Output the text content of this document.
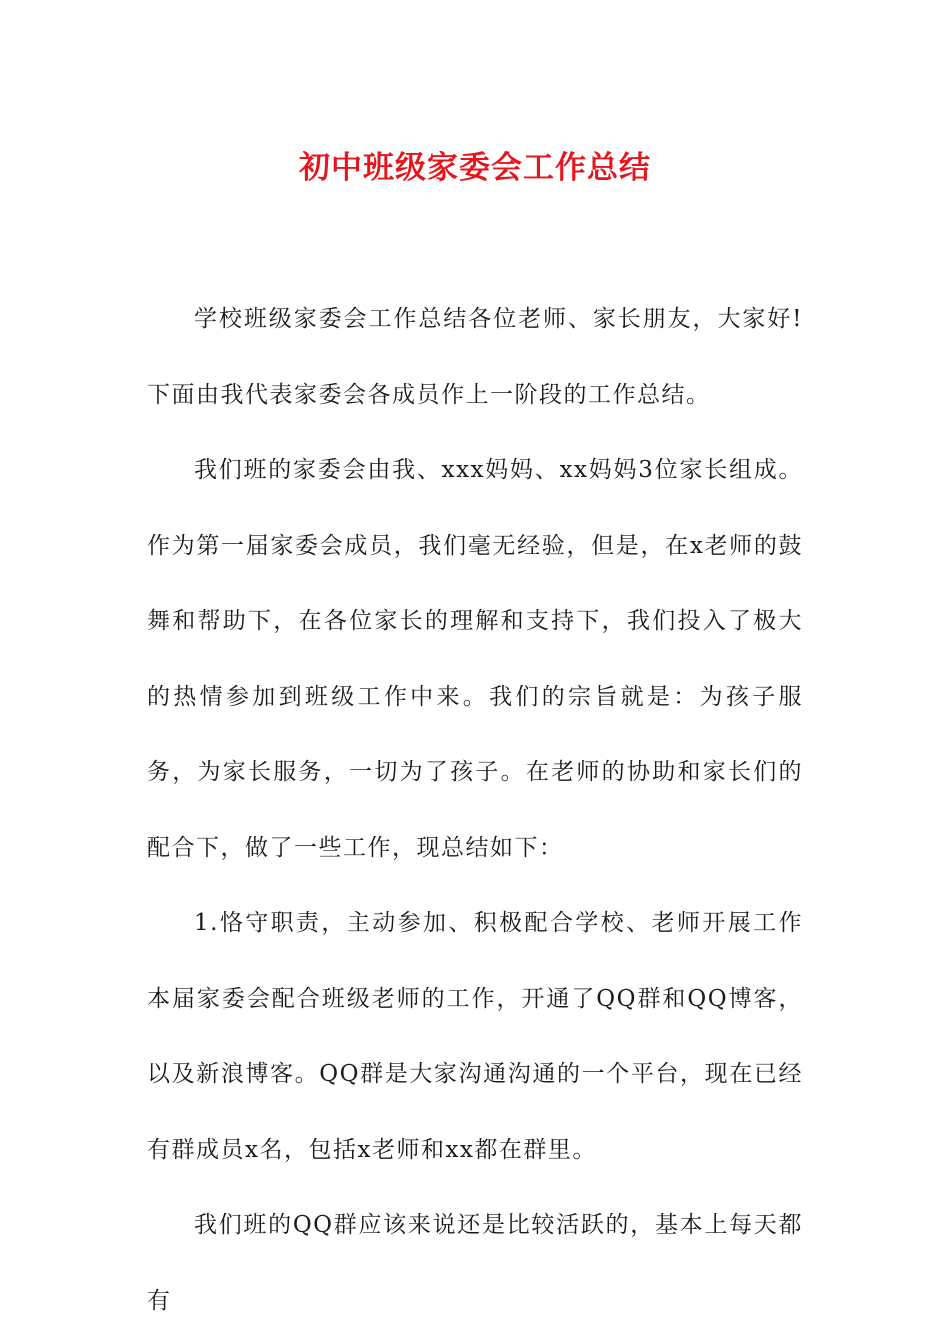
初中班级家委会工作总结

学校班级家委会工作总结各位老师、家长朋友，大家好!下面由我代表家委会各成员作上一阶段的工作总结。

我们班的家委会由我、xxx妈妈、xx妈妈3位家长组成。作为第一届家委会成员，我们毫无经验，但是，在x老师的鼓舞和帮助下，在各位家长的理解和支持下，我们投入了极大的热情参加到班级工作中来。我们的宗旨就是：为孩子服务，为家长服务，一切为了孩子。在老师的协助和家长们的配合下，做了一些工作，现总结如下：

1.恪守职责，主动参加、积极配合学校、老师开展工作本届家委会配合班级老师的工作，开通了QQ群和QQ博客，以及新浪博客。QQ群是大家沟通沟通的一个平台，现在已经有群成员x名，包括x老师和xx都在群里。

我们班的QQ群应该来说还是比较活跃的，基本上每天都有
